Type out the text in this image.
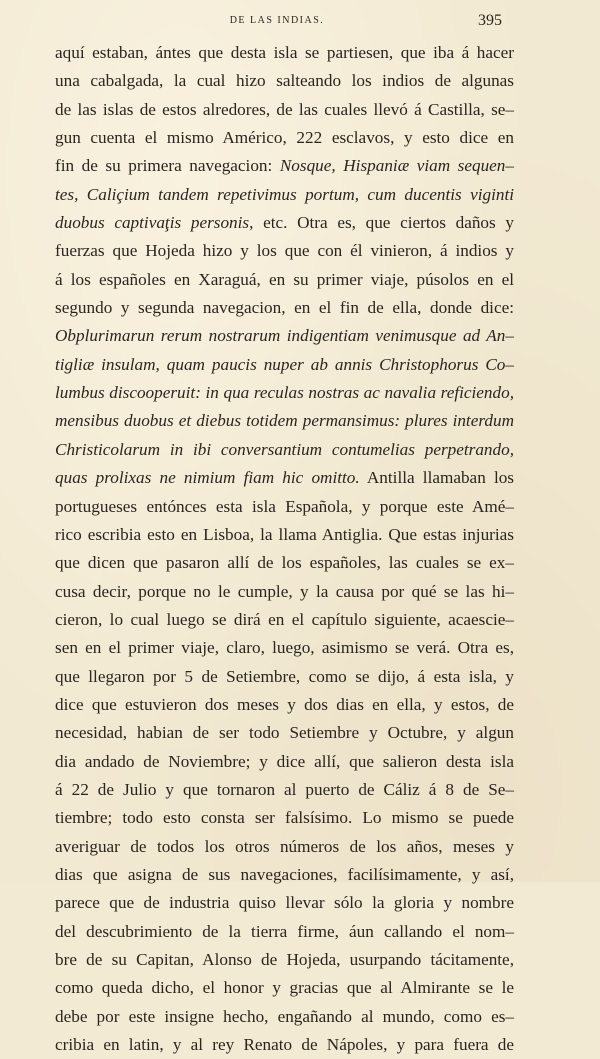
DE LAS INDIAS.	395
aquí estaban, ántes que desta isla se partiesen, que iba á hacer
una cabalgada, la cual hizo salteando los indios de algunas
de las islas de estos alredores, de las cuales llevó á Castilla, se–
gun cuenta el mismo Américo, 222 esclavos, y esto dice en
fin de su primera navegacion: Nosque, Hispaniæ viam sequen–
tes, Caliçium tandem repetivimus portum, cum ducentis viginti
duobus captivaţis personis, etc. Otra es, que ciertos daños y
fuerzas que Hojeda hizo y los que con él vinieron, á indios y
á los españoles en Xaraguá, en su primer viaje, púsolos en el
segundo y segunda navegacion, en el fin de ella, donde dice:
Obplurimarun rerum nostrarum indigentiam venimusque ad An–
tigliæ insulam, quam paucis nuper ab annis Christophorus Co–
lumbus discooperuit: in qua reculas nostras ac navalia reficiendo,
mensibus duobus et diebus totidem permansimus: plures interdum
Christicolarum in ibi conversantium contumelias perpetrando,
quas prolixas ne nimium fiam hic omitto. Antilla llamaban los
portugueses entónces esta isla Española, y porque este Amé–
rico escribia esto en Lisboa, la llama Antiglia. Que estas injurias
que dicen que pasaron allí de los españoles, las cuales se ex–
cusa decir, porque no le cumple, y la causa por qué se las hi–
cieron, lo cual luego se dirá en el capítulo siguiente, acaescie–
sen en el primer viaje, claro, luego, asimismo se verá. Otra es,
que llegaron por 5 de Setiembre, como se dijo, á esta isla, y
dice que estuvieron dos meses y dos dias en ella, y estos, de
necesidad, habian de ser todo Setiembre y Octubre, y algun
dia andado de Noviembre; y dice allí, que salieron desta isla
á 22 de Julio y que tornaron al puerto de Cáliz á 8 de Se–
tiembre; todo esto consta ser falsísimo. Lo mismo se puede
averiguar de todos los otros números de los años, meses y
dias que asigna de sus navegaciones, facilísimamente, y así,
parece que de industria quiso llevar sólo la gloria y nombre
del descubrimiento de la tierra firme, áun callando el nom–
bre de su Capitan, Alonso de Hojeda, usurpando tácitamente,
como queda dicho, el honor y gracias que al Almirante se le
debe por este insigne hecho, engañando al mundo, como es–
cribia en latin, y al rey Renato de Nápoles, y para fuera de
